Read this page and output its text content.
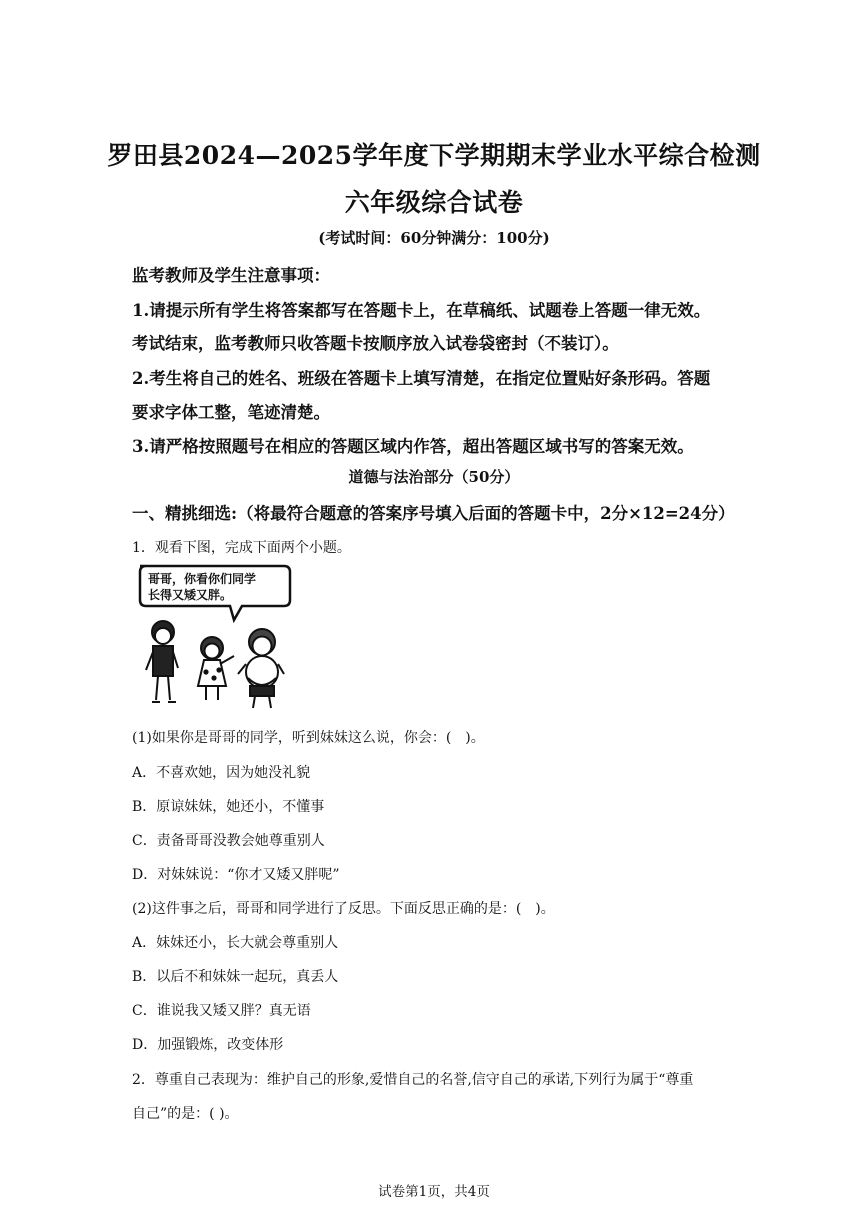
罗田县2024—2025学年度下学期期末学业水平综合检测
六年级综合试卷
(考试时间：60分钟满分：100分)
监考教师及学生注意事项：
1.请提示所有学生将答案都写在答题卡上，在草稿纸、试题卷上答题一律无效。
考试结束，监考教师只收答题卡按顺序放入试卷袋密封（不装订）。
2.考生将自己的姓名、班级在答题卡上填写清楚，在指定位置贴好条形码。答题
要求字体工整，笔迹清楚。
3.请严格按照题号在相应的答题区域内作答，超出答题区域书写的答案无效。
道德与法治部分（50分）
一、精挑细选:（将最符合题意的答案序号填入后面的答题卡中，2分×12=24分）
1．观看下图，完成下面两个小题。
哥哥，你看你们同学
长得又矮又胖。
(1)如果你是哥哥的同学，听到妹妹这么说，你会：(　)。
A．不喜欢她，因为她没礼貌
B．原谅妹妹，她还小，不懂事
C．责备哥哥没教会她尊重别人
D．对妹妹说：“你才又矮又胖呢”
(2)这件事之后，哥哥和同学进行了反思。下面反思正确的是：(　)。
A．妹妹还小，长大就会尊重别人
B．以后不和妹妹一起玩，真丢人
C．谁说我又矮又胖？真无语
D．加强锻炼，改变体形
2．尊重自己表现为：维护自己的形象,爱惜自己的名誉,信守自己的承诺,下列行为属于“尊重
自己”的是：( )。
试卷第1页，共4页
